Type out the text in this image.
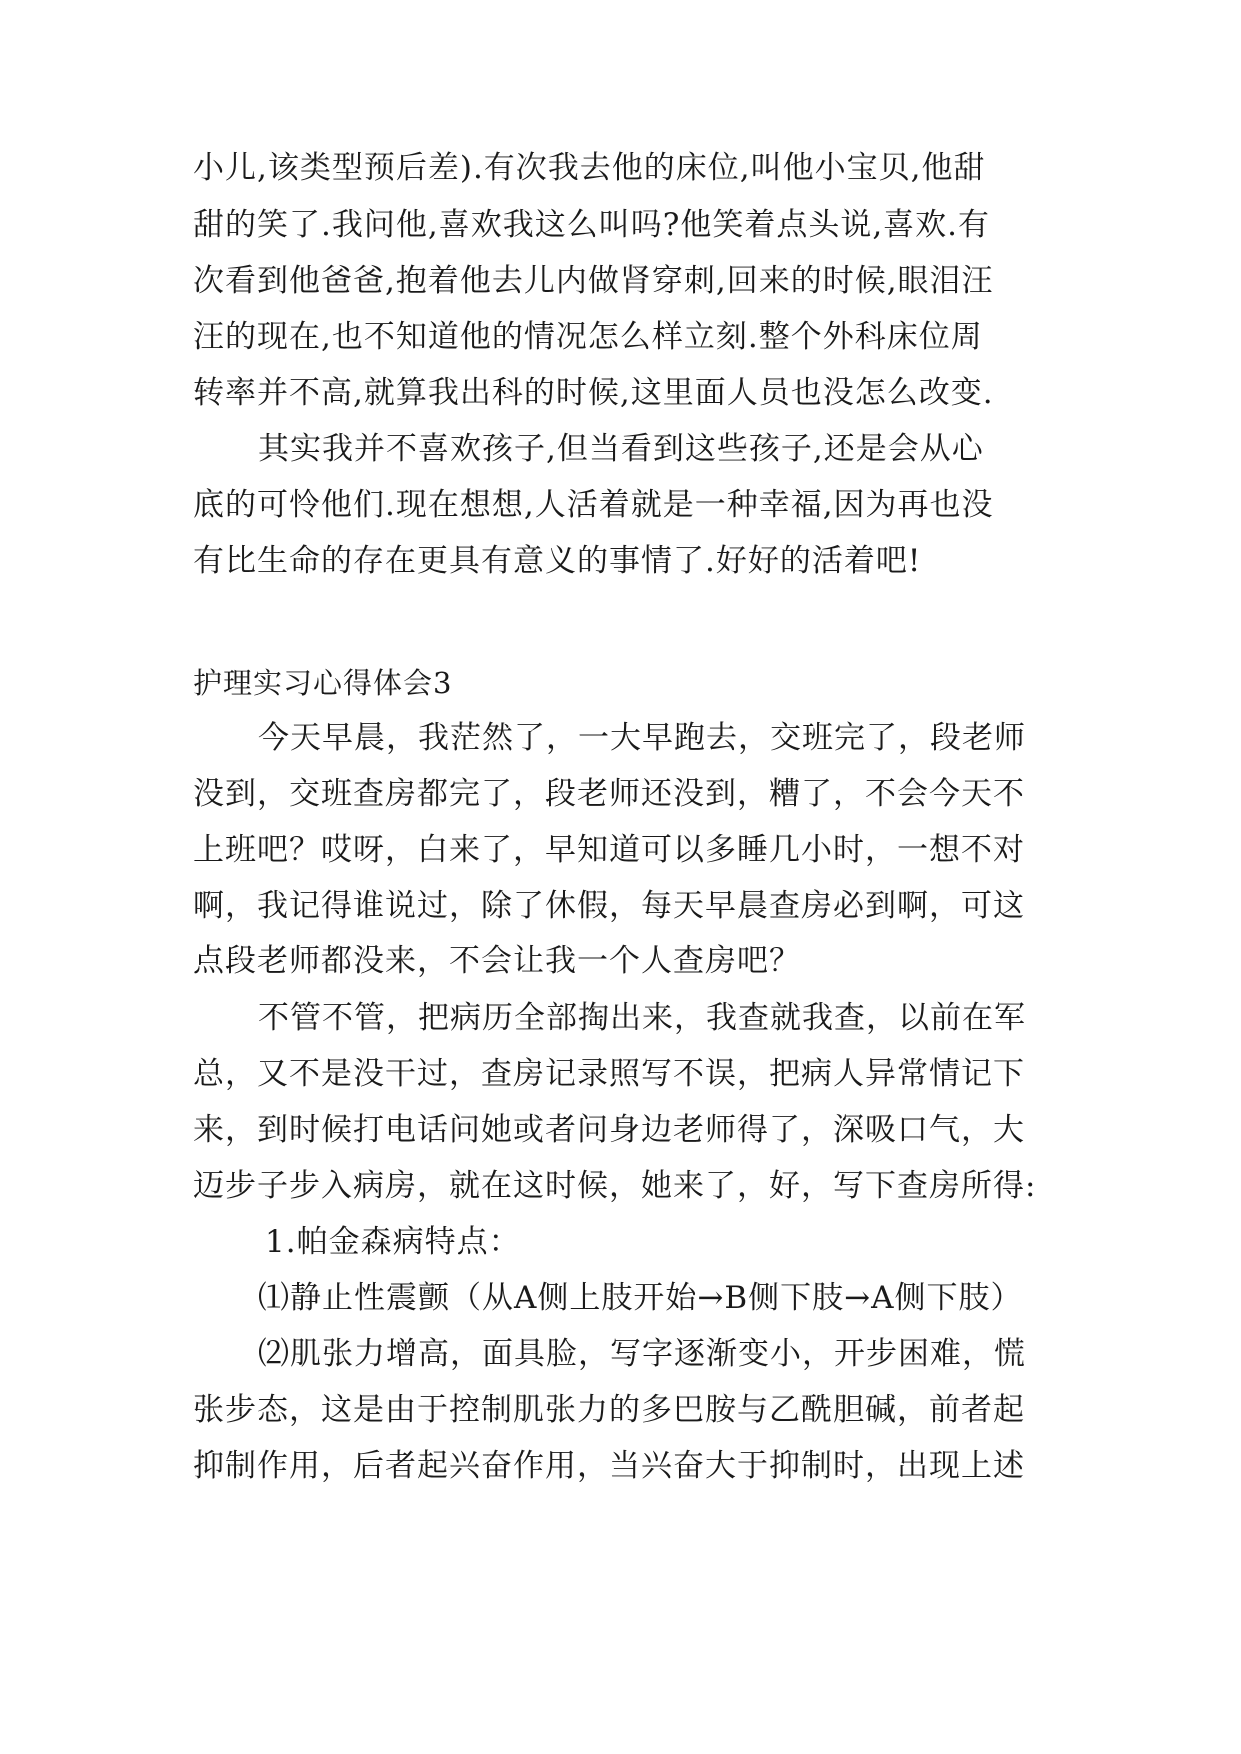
小儿,该类型预后差).有次我去他的床位,叫他小宝贝,他甜
甜的笑了.我问他,喜欢我这么叫吗?他笑着点头说,喜欢.有
次看到他爸爸,抱着他去儿内做肾穿刺,回来的时候,眼泪汪
汪的现在,也不知道他的情况怎么样立刻.整个外科床位周
转率并不高,就算我出科的时候,这里面人员也没怎么改变.
其实我并不喜欢孩子,但当看到这些孩子,还是会从心
底的可怜他们.现在想想,人活着就是一种幸福,因为再也没
有比生命的存在更具有意义的事情了.好好的活着吧!
护理实习心得体会3
今天早晨，我茫然了，一大早跑去，交班完了，段老师
没到，交班查房都完了，段老师还没到，糟了，不会今天不
上班吧？哎呀，白来了，早知道可以多睡几小时，一想不对
啊，我记得谁说过，除了休假，每天早晨查房必到啊，可这
点段老师都没来，不会让我一个人查房吧？
不管不管，把病历全部掏出来，我查就我查，以前在军
总，又不是没干过，查房记录照写不误，把病人异常情记下
来，到时候打电话问她或者问身边老师得了，深吸口气，大
迈步子步入病房，就在这时候，她来了，好，写下查房所得:
1.帕金森病特点：
⑴静止性震颤（从A侧上肢开始→B侧下肢→A侧下肢）
⑵肌张力增高，面具脸，写字逐渐变小，开步困难，慌
张步态，这是由于控制肌张力的多巴胺与乙酰胆碱，前者起
抑制作用，后者起兴奋作用，当兴奋大于抑制时，出现上述
